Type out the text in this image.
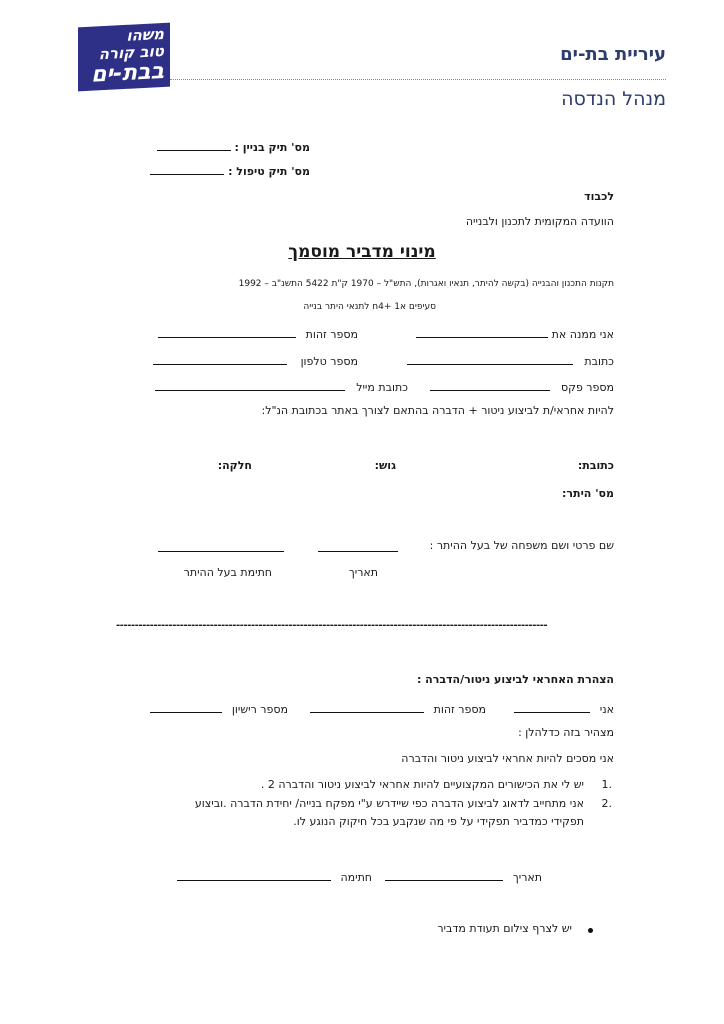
משהו
טוב קורה
בבת-ים
עיריית בת-ים
מנהל הנדסה
מס' תיק בניין :
מס' תיק טיפול :
לכבוד
הוועדה המקומית לתכנון ולבנייה
מינוי מדביר מוסמך
תקנות התכנון והבנייה (בקשה להיתר, תנאיו ואגרות), התש"ל – 1970 ק"ת 5422 התשנ"ב – 1992
סעיפים א1 +4ח לתנאי היתר בנייה
אני ממנה את
מספר זהות
כתובת
מספר טלפון
מספר פקס
כתובת מייל
להיות אחראי/ת לביצוע ניטור + הדברה בהתאם לצורך באתר בכתובת הנ"ל:
כתובת:
גוש:
חלקה:
מס' היתר:
שם פרטי ושם משפחה של בעל ההיתר :
תאריך
חתימת בעל ההיתר
-------------------------------------------------------------------------------------------------------------------
הצהרת האחראי לביצוע ניטור/הדברה :
אני
מספר זהות
מספר רישיון
מצהיר בזה כדלהלן :
אני מסכים להיות אחראי לביצוע ניטור והדברה
1.
יש לי את הכישורים המקצועיים להיות אחראי לביצוע ניטור והדברה 2 .
2.
אני מתחייב לדאוג לביצוע הדברה כפי שיידרש ע"י מפקח בנייה/ יחידת הדברה .וביצוע
תפקידי כמדביר תפקידי על פי מה שנקבע בכל חיקוק הנוגע לו.
תאריך
חתימה
יש לצרף צילום תעודת מדביר
